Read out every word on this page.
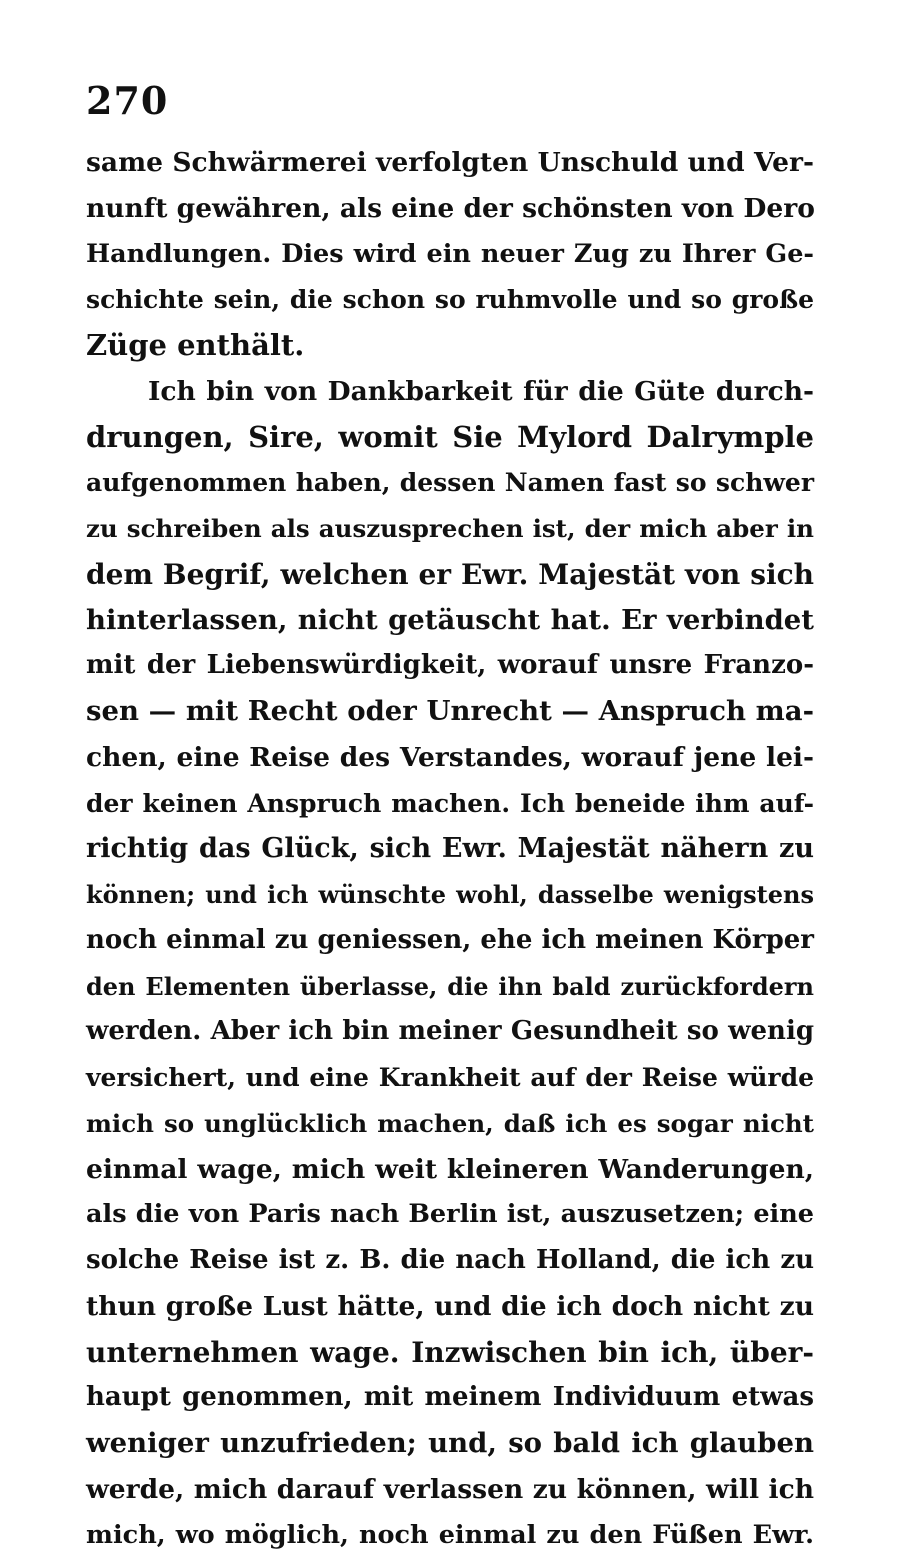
270
same Schwärmerei verfolgten Unschuld und Ver-
nunft gewähren, als eine der schönsten von Dero
Handlungen. Dies wird ein neuer Zug zu Ihrer Ge-
schichte sein, die schon so ruhmvolle und so große
Züge enthält.
Ich bin von Dankbarkeit für die Güte durch-
drungen, Sire, womit Sie Mylord Dalrymple
aufgenommen haben, dessen Namen fast so schwer
zu schreiben als auszusprechen ist, der mich aber in
dem Begrif, welchen er Ewr. Majestät von sich
hinterlassen, nicht getäuscht hat. Er verbindet
mit der Liebenswürdigkeit, worauf unsre Franzo-
sen — mit Recht oder Unrecht — Anspruch ma-
chen, eine Reise des Verstandes, worauf jene lei-
der keinen Anspruch machen. Ich beneide ihm auf-
richtig das Glück, sich Ewr. Majestät nähern zu
können; und ich wünschte wohl, dasselbe wenigstens
noch einmal zu geniessen, ehe ich meinen Körper
den Elementen überlasse, die ihn bald zurückfordern
werden. Aber ich bin meiner Gesundheit so wenig
versichert, und eine Krankheit auf der Reise würde
mich so unglücklich machen, daß ich es sogar nicht
einmal wage, mich weit kleineren Wanderungen,
als die von Paris nach Berlin ist, auszusetzen; eine
solche Reise ist z. B. die nach Holland, die ich zu
thun große Lust hätte, und die ich doch nicht zu
unternehmen wage. Inzwischen bin ich, über-
haupt genommen, mit meinem Individuum etwas
weniger unzufrieden; und, so bald ich glauben
werde, mich darauf verlassen zu können, will ich
mich, wo möglich, noch einmal zu den Füßen Ewr.
